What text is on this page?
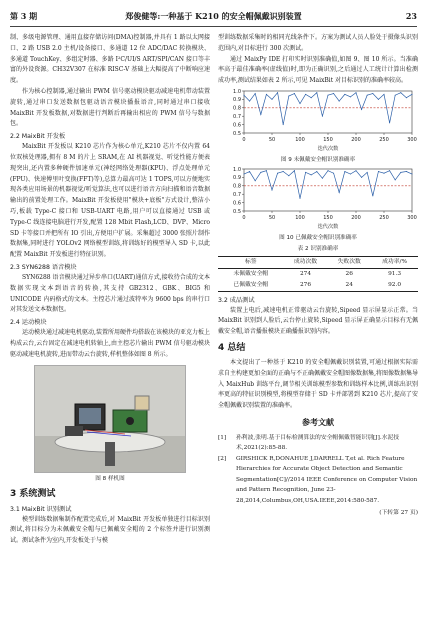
第 3 期	郑俊健等:一种基于 K210 的安全帽佩戴识别装置	23

制、多级电源管理、通用直接存储访问(DMA)控制器,并具有 1 路以太网接口、2 路 USB 2.0 主机/设备接口、多通道 12 位 ADC/DAC 转换模块、多通道 TouchKey、多组定时器、多路 I²C/UI/S ART/SPI/CAN 接口等丰富的外设资源。CH32V307 在标准 RISC-V 基础上大幅提高了中断响应速度。

作为核心控制器,通过输出 PWM 信号驱动模块驱动减速电机带动装置旋转,通过串口发送数据包驱动语音模块播报语音,同时通过串口接收 MaixBit 开发板数据,对数据进行判断后再输出相应的 PWM 信号与数据包。

2.2 MaixBit 开发板

MaixBit 开发板以 K210 芯片作为核心单元,K210 芯片不仅内置 64 位双核处理器,拥有 8 M 的片上 SRAM,在 AI 机器视觉、听觉性能方便表现突出,还内置多种硬件加速单元(神经网络处理器(KPU)、浮点处理单元(FPU)、快速傅里叶变换(FFT)等),总算力最高可达 1 TOPS,可以方便地实现各类应用场景的机器视觉/听觉算法,也可以进行语音方向扫描和语音数据输出的前置处理工作。MaixBit 开发板使用"模块+底板"方式设计,整洁小巧,板载 Type-C 接口和 USB-UART 电路,用户可以直接通过 USB 或 Type-C 线连接电脑进行开发,配置 128 Mbit Flash,LCD、DVP、Micro SD 卡等接口并把所有 IO 引出,方便用户扩展。采集超过 3000 张照片制作数据集,同时进行 YOLOv2 网络模型训练,将训练好的模型导入 SD 卡,以此配置 MaixBit 开发板进行特征识别。

2.3 SYN6288 语音模块

SYN6288 语音模块通过异步串口(UART)通信方式,接收待合成的文本数据实现文本到语音的转换,其支持 GB2312、GBK、BIG5 和 UNICODE 内码格式的文本。主控芯片通过波特率为 9600 bps 的串行口对其发送文本数据包。

2.4 运动模块

运动模块通过减速电机驱动,装置所用硬件均搭载在该模块的亚克力板上构成云台,云台固定在减速电机转轴上,由主控芯片输出 PWM 信号驱动模块驱动减速电机旋转,进而带动云台旋转,样机整体如图 8 所示。

图 8 样机图
3 系统测试
3.1 MaixBit 识别测试

模型训练数据集制作配置完成后,对 MaixBit 开发板单独进行目标识别测试,将目标分为未佩戴安全帽与已佩戴安全帽的 2 个标签并进行识别测试。测试条件为室内,开发板处于与模

型训练数据采集时的相同光线条件下。方案为测试人员人脸处于摄像头识别范围内,对目标进行 300 次测试。

通过 MaixPy IDE 打印实时识别准确值,如图 9、图 10 所示。当准确率高于最佳准确率(虚线值)时,即为正确识别,之后通过人工统计计算出检测成功率,测试结果如表 2 所示,可见 MaixBit 对目标识别的准确率较高。

0.5
0.6
0.7
0.8
0.9
1.0
0	50	100	150	200	250	300
迭代次数
图 9 未佩戴安全帽识别准确率
0.5
0.6
0.7
0.8
0.9
1.0
0	50	100	150	200	250	300
迭代次数
图 10 已佩戴安全帽识别准确率
表 2 识别准确率
标签	成功次数	失败次数	成功率/%
未佩戴安全帽	274	26	91.3
已佩戴安全帽	276	24	92.0
3.2 成品测试

装置上电后,减速电机正常驱动云台旋转,Sipeed 显示屏显示正常。当 MaixBit 识别到人脸后,云台停止旋转,Sipeed 显示屏正确显示目标有无佩戴安全帽,语音播报模块正确播报识别内容。

4 总结

本文提出了一种基于 K210 的安全帽佩戴识别装置,可通过根据实际需求自主构建更加全面的正确与不正确佩戴安全帽图像数据集,将图像数据集导入 MaixHub 训练平台,调节相关训练模型参数和训练样本比例,训练出识别率更高的特征识别模型,将模型存储于 SD 卡并部署到 K210 芯片,提高了安全帽佩戴识别装置的准确率。

参考文献
[1]	孙利波,张明.基于目标检测算法的安全帽佩戴智能识别[J].水泥技术,2021(2):85-88.
[2]	GIRSHICK R,DONAHUE J,DARRELL T,et al. Rich Feature Hierarchies for Accurate Object Detection and Semantic Segmentation[C]//2014 IEEE Conference on Computer Vision and Pattern Recognition, June 23-28,2014,Columbus,OH,USA.IEEE,2014:580-587.
(下转第 27 页)
